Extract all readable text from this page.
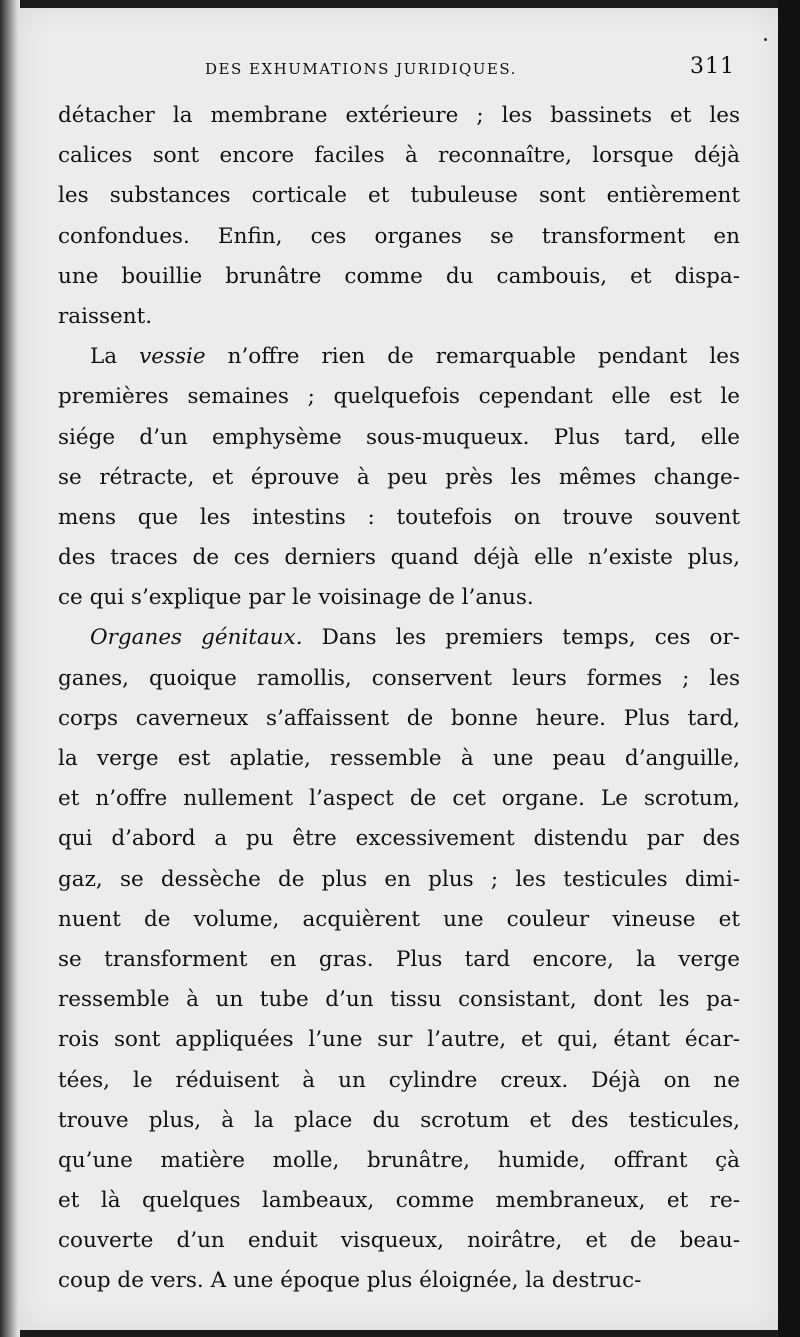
DES EXHUMATIONS JURIDIQUES.	311
détacher la membrane extérieure ; les bassinets et les
calices sont encore faciles à reconnaître, lorsque déjà
les substances corticale et tubuleuse sont entièrement
confondues. Enfin, ces organes se transforment en
une bouillie brunâtre comme du cambouis, et dispa-
raissent.
La vessie n’offre rien de remarquable pendant les
premières semaines ; quelquefois cependant elle est le
siége d’un emphysème sous-muqueux. Plus tard, elle
se rétracte, et éprouve à peu près les mêmes change-
mens que les intestins : toutefois on trouve souvent
des traces de ces derniers quand déjà elle n’existe plus,
ce qui s’explique par le voisinage de l’anus.
Organes génitaux. Dans les premiers temps, ces or-
ganes, quoique ramollis, conservent leurs formes ; les
corps caverneux s’affaissent de bonne heure. Plus tard,
la verge est aplatie, ressemble à une peau d’anguille,
et n’offre nullement l’aspect de cet organe. Le scrotum,
qui d’abord a pu être excessivement distendu par des
gaz, se dessèche de plus en plus ; les testicules dimi-
nuent de volume, acquièrent une couleur vineuse et
se transforment en gras. Plus tard encore, la verge
ressemble à un tube d’un tissu consistant, dont les pa-
rois sont appliquées l’une sur l’autre, et qui, étant écar-
tées, le réduisent à un cylindre creux. Déjà on ne
trouve plus, à la place du scrotum et des testicules,
qu’une matière molle, brunâtre, humide, offrant çà
et là quelques lambeaux, comme membraneux, et re-
couverte d’un enduit visqueux, noirâtre, et de beau-
coup de vers. A une époque plus éloignée, la destruc-
